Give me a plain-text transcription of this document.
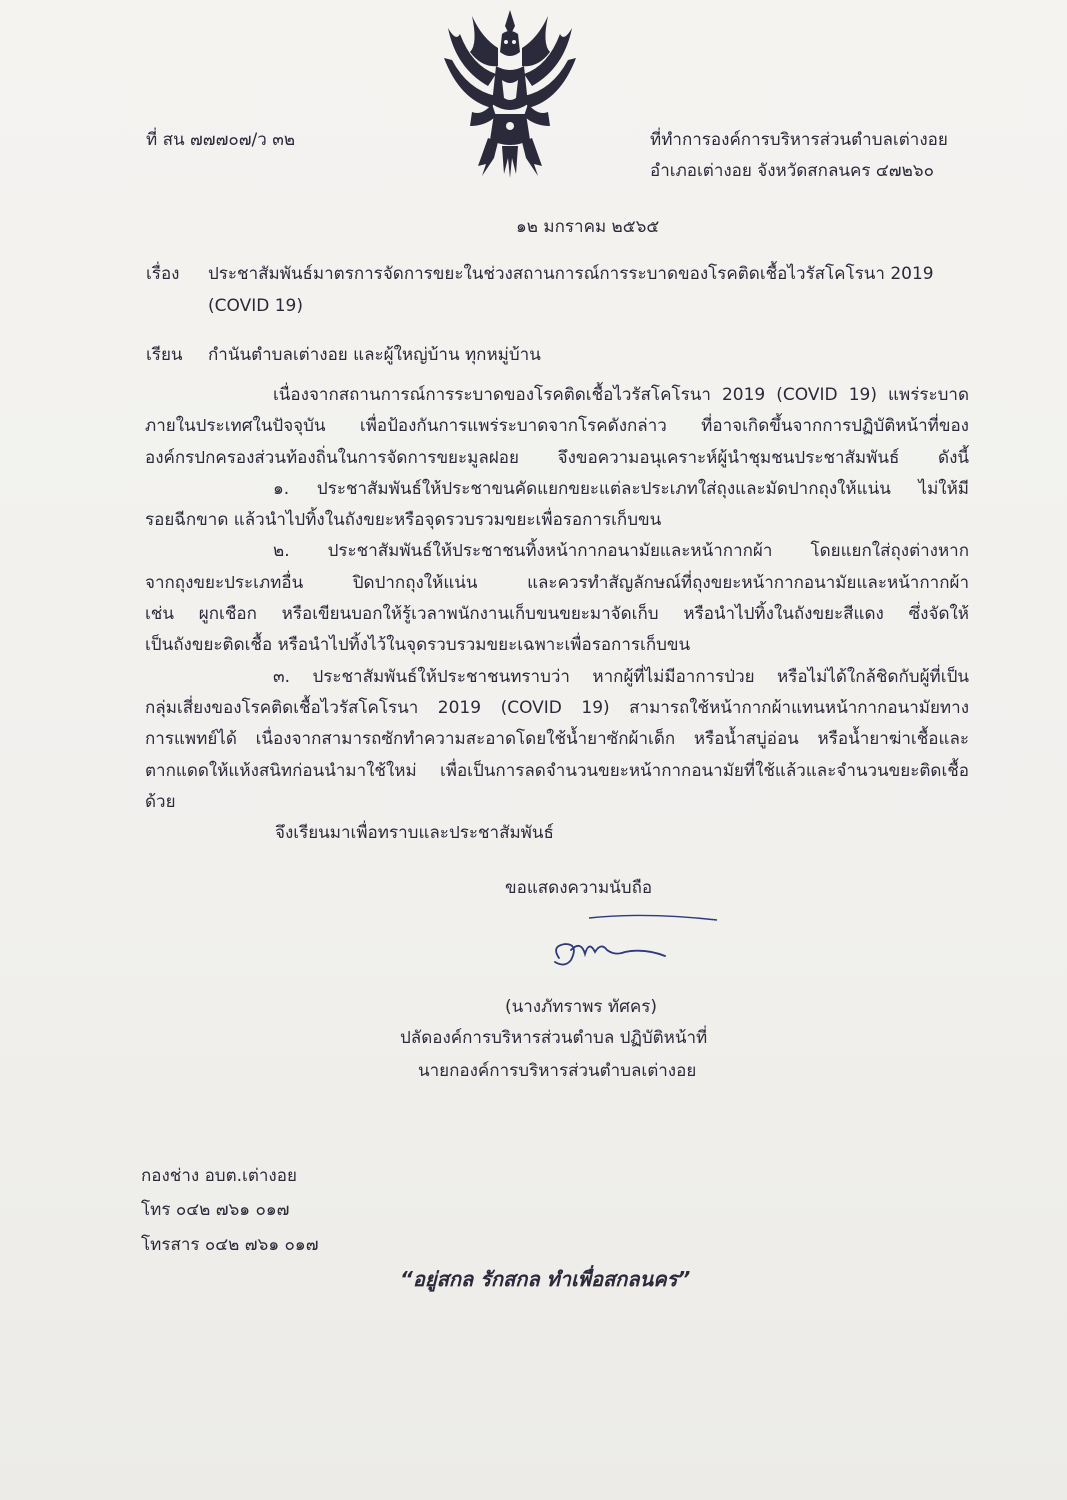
ที่ สน ๗๗๗๐๗/ว ๓๒	ที่ทำการองค์การบริหารส่วนตำบลเต่างอย
อำเภอเต่างอย จังหวัดสกลนคร ๔๗๒๖๐
๑๒ มกราคม ๒๕๖๕
เรื่อง ประชาสัมพันธ์มาตรการจัดการขยะในช่วงสถานการณ์การระบาดของโรคติดเชื้อไวรัสโคโรนา 2019
(COVID 19)
เรียน กำนันตำบลเต่างอย และผู้ใหญ่บ้าน ทุกหมู่บ้าน

เนื่องจากสถานการณ์การระบาดของโรคติดเชื้อไวรัสโคโรนา 2019 (COVID 19) แพร่ระบาด

ภายในประเทศในปัจจุบัน เพื่อป้องกันการแพร่ระบาดจากโรคดังกล่าว ที่อาจเกิดขึ้นจากการปฏิบัติหน้าที่ของ

องค์กรปกครองส่วนท้องถิ่นในการจัดการขยะมูลฝอย จึงขอความอนุเคราะห์ผู้นำชุมชนประชาสัมพันธ์ ดังนี้

๑. ประชาสัมพันธ์ให้ประชาขนคัดแยกขยะแต่ละประเภทใส่ถุงและมัดปากถุงให้แน่น ไม่ให้มี

รอยฉีกขาด แล้วนำไปทิ้งในถังขยะหรือจุดรวบรวมขยะเพื่อรอการเก็บขน

๒. ประชาสัมพันธ์ให้ประชาชนทิ้งหน้ากากอนามัยและหน้ากากผ้า โดยแยกใส่ถุงต่างหาก

จากถุงขยะประเภทอื่น ปิดปากถุงให้แน่น และควรทำสัญลักษณ์ที่ถุงขยะหน้ากากอนามัยและหน้ากากผ้า

เช่น ผูกเชือก หรือเขียนบอกให้รู้เวลาพนักงานเก็บขนขยะมาจัดเก็บ หรือนำไปทิ้งในถังขยะสีแดง ซึ่งจัดให้

เป็นถังขยะติดเชื้อ หรือนำไปทิ้งไว้ในจุดรวบรวมขยะเฉพาะเพื่อรอการเก็บขน

๓. ประชาสัมพันธ์ให้ประชาชนทราบว่า หากผู้ที่ไม่มีอาการป่วย หรือไม่ได้ใกล้ชิดกับผู้ที่เป็น

กลุ่มเสี่ยงของโรคติดเชื้อไวรัสโคโรนา 2019 (COVID 19) สามารถใช้หน้ากากผ้าแทนหน้ากากอนามัยทาง

การแพทย์ได้ เนื่องจากสามารถซักทำความสะอาดโดยใช้น้ำยาซักผ้าเด็ก หรือน้ำสบู่อ่อน หรือน้ำยาฆ่าเชื้อและ

ตากแดดให้แห้งสนิทก่อนนำมาใช้ใหม่ เพื่อเป็นการลดจำนวนขยะหน้ากากอนามัยที่ใช้แล้วและจำนวนขยะติดเชื้อด้วย

จึงเรียนมาเพื่อทราบและประชาสัมพันธ์
ขอแสดงความนับถือ
(นางภัทราพร ทัศคร)
ปลัดองค์การบริหารส่วนตำบล ปฏิบัติหน้าที่
นายกองค์การบริหารส่วนตำบลเต่างอย
กองช่าง อบต.เต่างอย
โทร ๐๔๒ ๗๖๑ ๐๑๗
โทรสาร ๐๔๒ ๗๖๑ ๐๑๗
“อยู่สกล รักสกล ทำเพื่อสกลนคร”
